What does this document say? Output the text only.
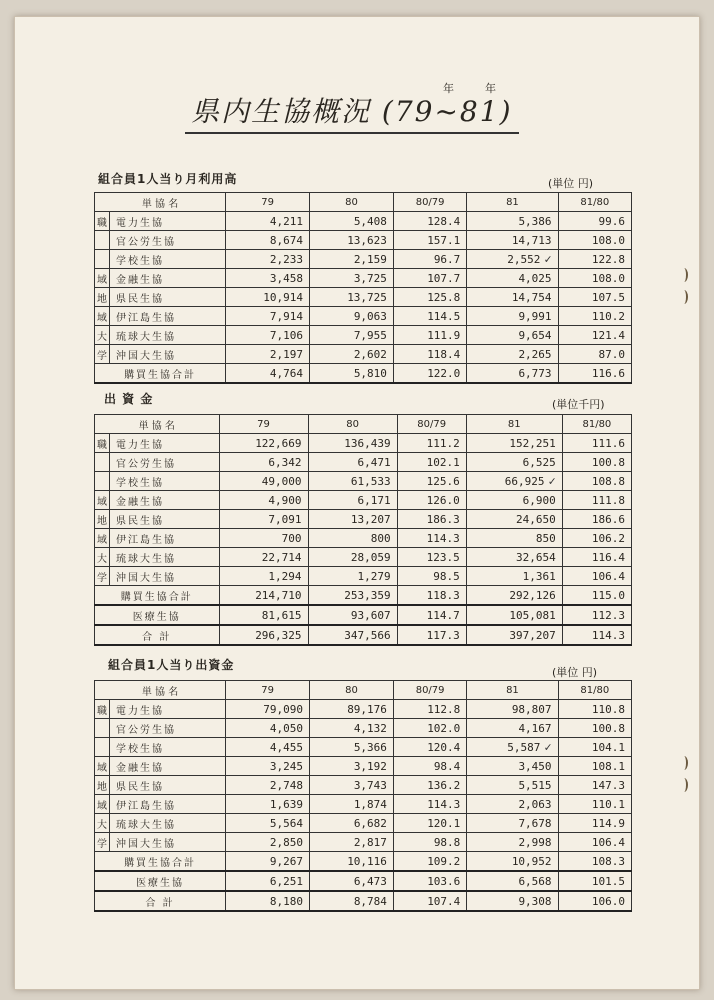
県内生協概況 (79~81)
年	年
組合員1人当り月利用高	(単位 円)
単 協 名		79	80	80/79	81	81/80
職	電力生協	4,211	5,408	128.4	5,386	99.6
	官公労生協	8,674	13,623	157.1	14,713	108.0
	学校生協	2,233	2,159	96.7	2,552 ✓	122.8
域	金融生協	3,458	3,725	107.7	4,025	108.0
地	県民生協	10,914	13,725	125.8	14,754	107.5
域	伊江島生協	7,914	9,063	114.5	9,991	110.2
大	琉球大生協	7,106	7,955	111.9	9,654	121.4
学	沖国大生協	2,197	2,602	118.4	2,265	87.0
購買生協合計		4,764	5,810	122.0	6,773	116.6
出 資 金	(単位千円)
単 協 名		79	80	80/79	81	81/80
職	電力生協	122,669	136,439	111.2	152,251	111.6
	官公労生協	6,342	6,471	102.1	6,525	100.8
	学校生協	49,000	61,533	125.6	66,925 ✓	108.8
域	金融生協	4,900	6,171	126.0	6,900	111.8
地	県民生協	7,091	13,207	186.3	24,650	186.6
域	伊江島生協	700	800	114.3	850	106.2
大	琉球大生協	22,714	28,059	123.5	32,654	116.4
学	沖国大生協	1,294	1,279	98.5	1,361	106.4
購買生協合計		214,710	253,359	118.3	292,126	115.0
医療生協		81,615	93,607	114.7	105,081	112.3
合 計		296,325	347,566	117.3	397,207	114.3
組合員1人当り出資金
(単位 円)
単 協 名		79	80	80/79	81	81/80
職	電力生協	79,090	89,176	112.8	98,807	110.8
	官公労生協	4,050	4,132	102.0	4,167	100.8
	学校生協	4,455	5,366	120.4	5,587 ✓	104.1
域	金融生協	3,245	3,192	98.4	3,450	108.1
地	県民生協	2,748	3,743	136.2	5,515	147.3
域	伊江島生協	1,639	1,874	114.3	2,063	110.1
大	琉球大生協	5,564	6,682	120.1	7,678	114.9
学	沖国大生協	2,850	2,817	98.8	2,998	106.4
購買生協合計		9,267	10,116	109.2	10,952	108.3
医療生協		6,251	6,473	103.6	6,568	101.5
合 計		8,180	8,784	107.4	9,308	106.0
